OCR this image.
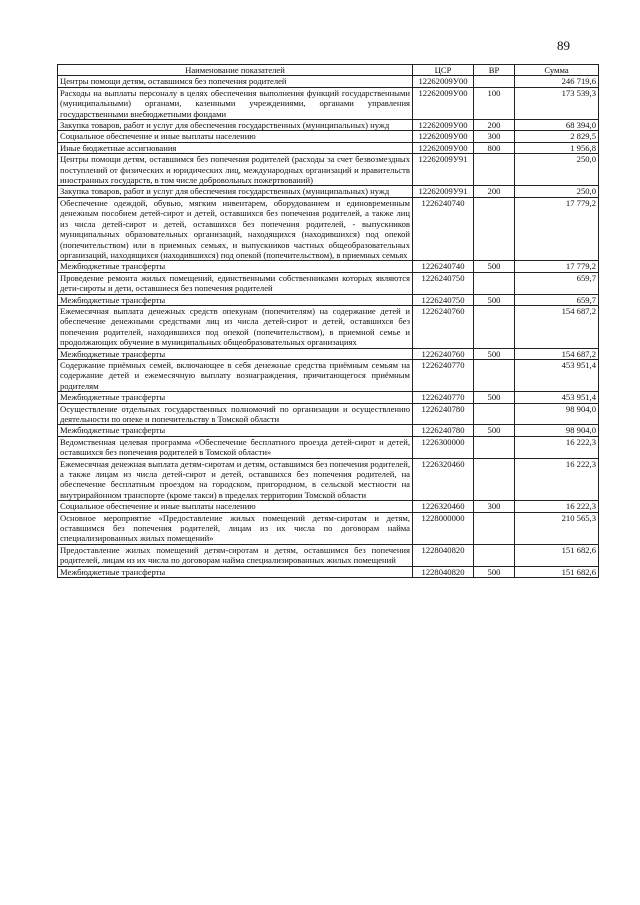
89
Наименование показателей	ЦСР	ВР	Сумма
Центры помощи детям, оставшимся без попечения родителей	12262009У00		246 719,6
Расходы на выплаты персоналу в целях обеспечения выполнения функций государственными (муниципальными) органами, казенными учреждениями, органами управления государственными внебюджетными фондами	12262009У00	100	173 539,3
Закупка товаров, работ и услуг для обеспечения государственных (муниципальных) нужд	12262009У00	200	68 394,0
Социальное обеспечение и иные выплаты населению	12262009У00	300	2 829,5
Иные бюджетные ассигнования	12262009У00	800	1 956,8
Центры помощи детям, оставшимся без попечения родителей (расходы за счет безвозмездных поступлений от физических и юридических лиц, международных организаций и правительств иностранных государств, в том числе добровольных пожертвований)	12262009У91		250,0
Закупка товаров, работ и услуг для обеспечения государственных (муниципальных) нужд	12262009У91	200	250,0
Обеспечение одеждой, обувью, мягким инвентарем, оборудованием и единовременным денежным пособием детей-сирот и детей, оставшихся без попечения родителей, а также лиц из числа детей-сирот и детей, оставшихся без попечения родителей, - выпускников муниципальных образовательных организаций, находящихся (находившихся) под опекой (попечительством) или в приемных семьях, и выпускников частных общеобразовательных организаций, находящихся (находившихся) под опекой (попечительством), в приемных семьях	1226240740		17 779,2
Межбюджетные трансферты	1226240740	500	17 779,2
Проведение ремонта жилых помещений, единственными собственниками которых являются дети-сироты и дети, оставшиеся без попечения родителей	1226240750		659,7
Межбюджетные трансферты	1226240750	500	659,7
Ежемесячная выплата денежных средств опекунам (попечителям) на содержание детей и обеспечение денежными средствами лиц из числа детей-сирот и детей, оставшихся без попечения родителей, находившихся под опекой (попечительством), в приемной семье и продолжающих обучение в муниципальных общеобразовательных организациях	1226240760		154 687,2
Межбюджетные трансферты	1226240760	500	154 687,2
Содержание приёмных семей, включающее в себя денежные средства приёмным семьям на содержание детей и ежемесячную выплату вознаграждения, причитающегося приёмным родителям	1226240770		453 951,4
Межбюджетные трансферты	1226240770	500	453 951,4
Осуществление отдельных государственных полномочий по организации и осуществлению деятельности по опеке и попечительству в Томской области	1226240780		98 904,0
Межбюджетные трансферты	1226240780	500	98 904,0
Ведомственная целевая программа «Обеспечение бесплатного проезда детей-сирот и детей, оставшихся без попечения родителей в Томской области»	1226300000		16 222,3
Ежемесячная денежная выплата детям-сиротам и детям, оставшимся без попечения родителей, а также лицам из числа детей-сирот и детей, оставшихся без попечения родителей, на обеспечение бесплатным проездом на городском, пригородном, в сельской местности на внутрирайонном транспорте (кроме такси) в пределах территории Томской области	1226320460		16 222,3
Социальное обеспечение и иные выплаты населению	1226320460	300	16 222,3
Основное мероприятие «Предоставление жилых помещений детям-сиротам и детям, оставшимся без попечения родителей, лицам из их числа по договорам найма специализированных жилых помещений»	1228000000		210 565,3
Предоставление жилых помещений детям-сиротам и детям, оставшимся без попечения родителей, лицам из их числа по договорам найма специализированных жилых помещений	1228040820		151 682,6
Межбюджетные трансферты	1228040820	500	151 682,6
